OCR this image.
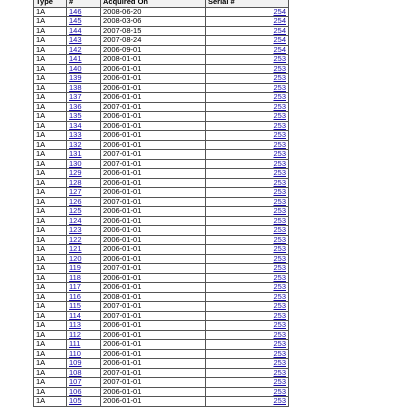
Type	#	Acquired On	Serial #
1A	146	2008-06-20	254
1A	145	2008-03-06	254
1A	144	2007-08-15	254
1A	143	2007-08-24	254
1A	142	2006-09-01	254
1A	141	2008-01-01	253
1A	140	2006-01-01	253
1A	139	2006-01-01	253
1A	138	2006-01-01	253
1A	137	2006-01-01	253
1A	136	2007-01-01	253
1A	135	2006-01-01	253
1A	134	2006-01-01	253
1A	133	2006-01-01	253
1A	132	2006-01-01	253
1A	131	2007-01-01	253
1A	130	2007-01-01	253
1A	129	2006-01-01	253
1A	128	2006-01-01	253
1A	127	2006-01-01	253
1A	126	2007-01-01	253
1A	125	2006-01-01	253
1A	124	2006-01-01	253
1A	123	2006-01-01	253
1A	122	2006-01-01	253
1A	121	2006-01-01	253
1A	120	2006-01-01	253
1A	119	2007-01-01	253
1A	118	2006-01-01	253
1A	117	2006-01-01	253
1A	116	2008-01-01	253
1A	115	2007-01-01	253
1A	114	2007-01-01	253
1A	113	2006-01-01	253
1A	112	2006-01-01	253
1A	111	2006-01-01	253
1A	110	2006-01-01	253
1A	109	2006-01-01	253
1A	108	2007-01-01	253
1A	107	2007-01-01	253
1A	106	2006-01-01	253
1A	105	2006-01-01	253
